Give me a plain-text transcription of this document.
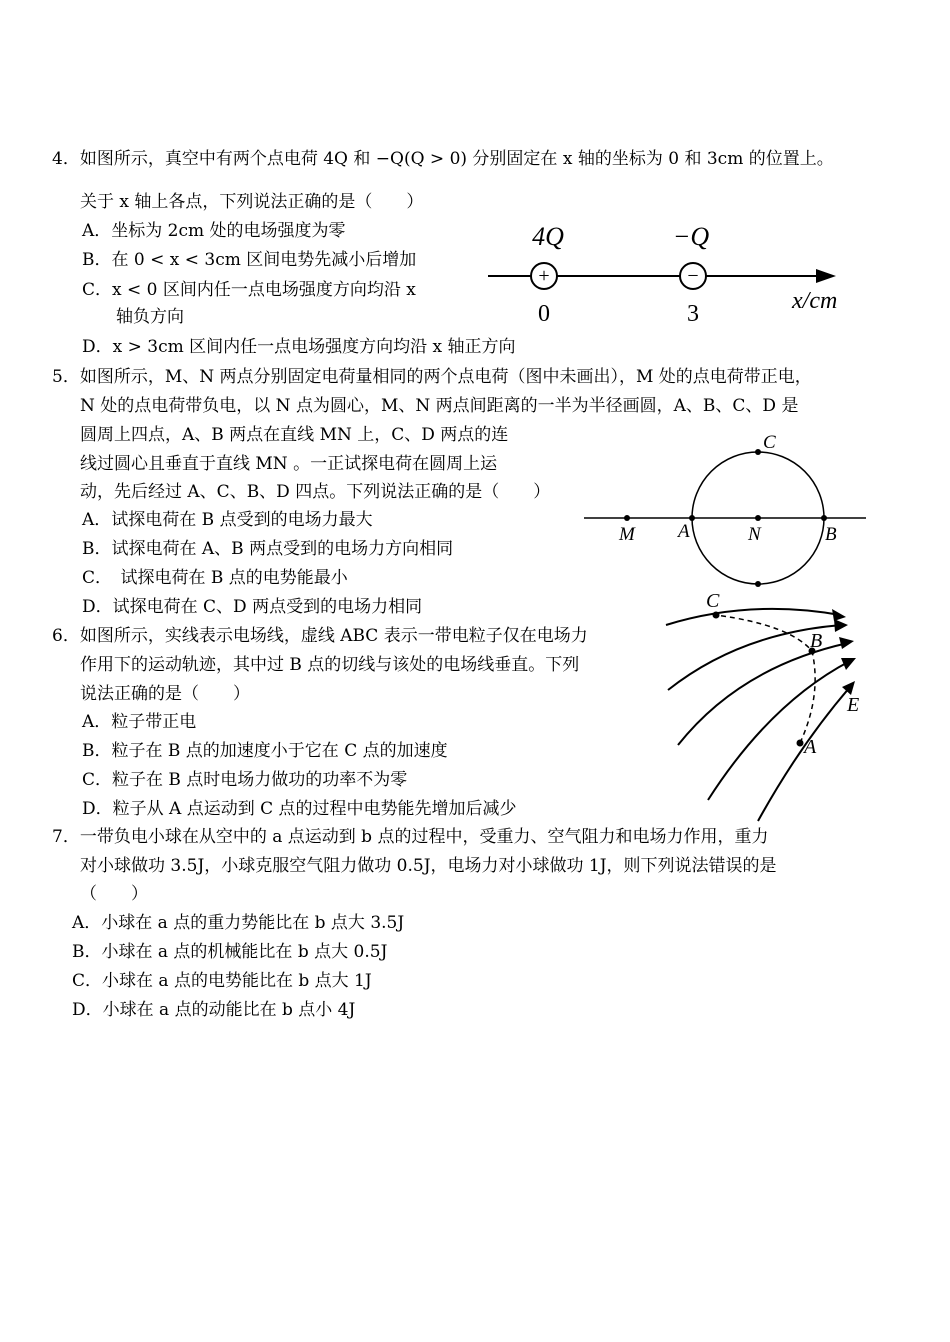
4．如图所示，真空中有两个点电荷 4Q 和 −Q(Q > 0) 分别固定在 x 轴的坐标为 0 和 3cm 的位置上。
关于 x 轴上各点，下列说法正确的是（　　）
A．坐标为 2cm 处的电场强度为零
B．在 0 < x < 3cm 区间电势先减小后增加
C．x < 0 区间内任一点电场强度方向均沿 x
轴负方向
D．x > 3cm 区间内任一点电场强度方向均沿 x 轴正方向
+	−
4Q	−Q
0	3	x/cm
5．如图所示，M、N 两点分别固定电荷量相同的两个点电荷（图中未画出），M 处的点电荷带正电，
N 处的点电荷带负电，以 N 点为圆心，M、N 两点间距离的一半为半径画圆，A、B、C、D 是
圆周上四点，A、B 两点在直线 MN 上，C、D 两点的连
线过圆心且垂直于直线 MN 。一正试探电荷在圆周上运
动，先后经过 A、C、B、D 四点。下列说法正确的是（　　）
A．试探电荷在 B 点受到的电场力最大
B．试探电荷在 A、B 两点受到的电场力方向相同
C．　试探电荷在 B 点的电势能最小
D．试探电荷在 C、D 两点受到的电场力相同
M A	N	B
C
6．如图所示，实线表示电场线，虚线 ABC 表示一带电粒子仅在电场力
作用下的运动轨迹，其中过 B 点的切线与该处的电场线垂直。下列
说法正确的是（　　）
A．粒子带正电
B．粒子在 B 点的加速度小于它在 C 点的加速度
C．粒子在 B 点时电场力做功的功率不为零
D．粒子从 A 点运动到 C 点的过程中电势能先增加后减少
C
B
A
E
7．一带负电小球在从空中的 a 点运动到 b 点的过程中，受重力、空气阻力和电场力作用，重力
对小球做功 3.5J，小球克服空气阻力做功 0.5J，电场力对小球做功 1J，则下列说法错误的是
（　　）
A．小球在 a 点的重力势能比在 b 点大 3.5J
B．小球在 a 点的机械能比在 b 点大 0.5J
C．小球在 a 点的电势能比在 b 点大 1J
D．小球在 a 点的动能比在 b 点小 4J
